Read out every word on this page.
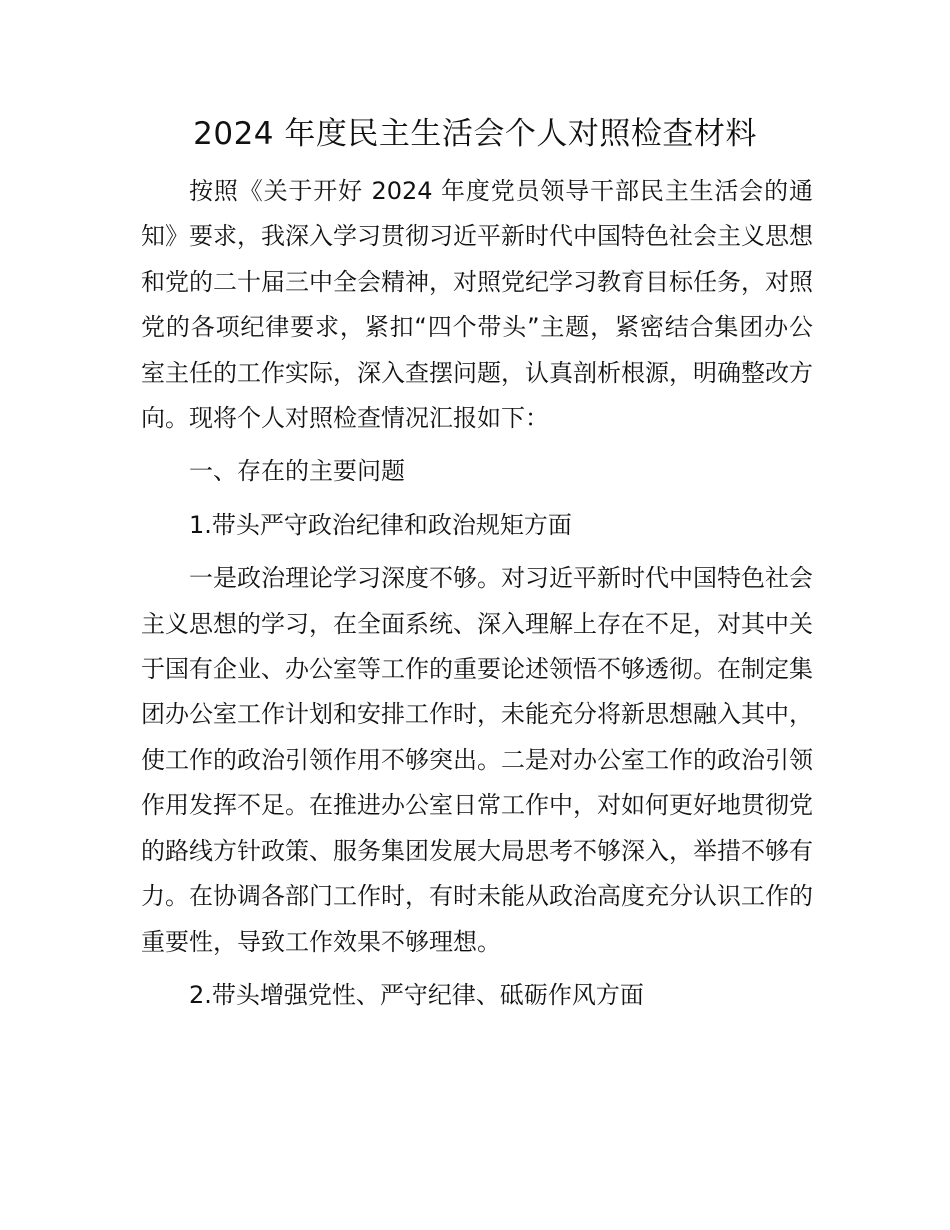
2024 年度民主生活会个人对照检查材料

按照《关于开好 2024 年度党员领导干部民主生活会的通知》要求，我深入学习贯彻习近平新时代中国特色社会主义思想和党的二十届三中全会精神，对照党纪学习教育目标任务，对照党的各项纪律要求，紧扣“四个带头”主题，紧密结合集团办公室主任的工作实际，深入查摆问题，认真剖析根源，明确整改方向。现将个人对照检查情况汇报如下：

一、存在的主要问题

1.带头严守政治纪律和政治规矩方面

一是政治理论学习深度不够。对习近平新时代中国特色社会主义思想的学习，在全面系统、深入理解上存在不足，对其中关于国有企业、办公室等工作的重要论述领悟不够透彻。在制定集团办公室工作计划和安排工作时，未能充分将新思想融入其中，使工作的政治引领作用不够突出。二是对办公室工作的政治引领作用发挥不足。在推进办公室日常工作中，对如何更好地贯彻党的路线方针政策、服务集团发展大局思考不够深入，举措不够有力。在协调各部门工作时，有时未能从政治高度充分认识工作的重要性，导致工作效果不够理想。

2.带头增强党性、严守纪律、砥砺作风方面
